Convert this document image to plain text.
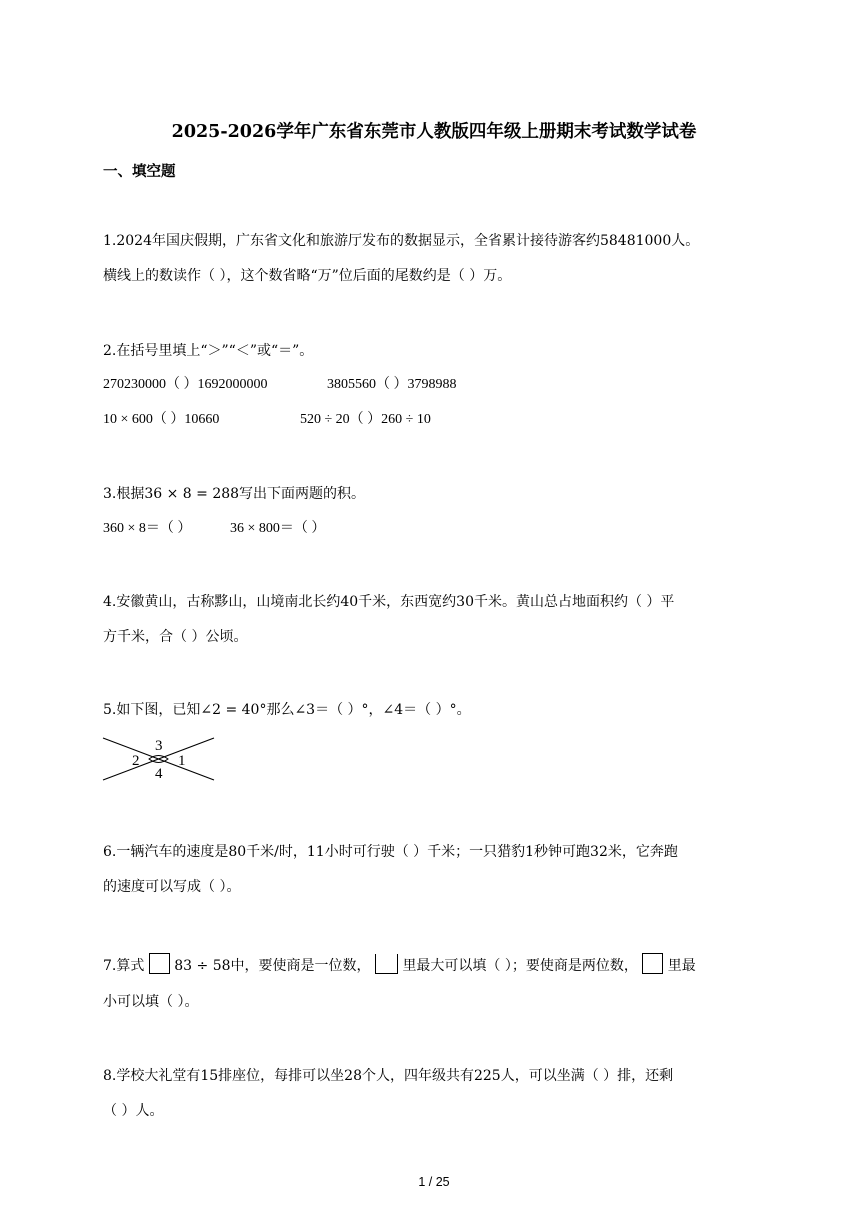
2025-2026学年广东省东莞市人教版四年级上册期末考试数学试卷
一、填空题
1.2024年国庆假期，广东省文化和旅游厅发布的数据显示，全省累计接待游客约58481000人。
横线上的数读作（ ），这个数省略“万”位后面的尾数约是（ ）万。
2.在括号里填上“＞”“＜”或“＝”。
270230000（ ）1692000000	3805560（ ）3798988
10 × 600（ ）10660	520 ÷ 20（ ）260 ÷ 10
3.根据36 × 8 = 288写出下面两题的积。
360 × 8＝（ ）	36 × 800＝（ ）
4.安徽黄山，古称黟山，山境南北长约40千米，东西宽约30千米。黄山总占地面积约（ ）平
方千米，合（ ）公顷。
5.如下图，已知∠2 = 40°那么∠3＝（ ）°，∠4＝（ ）°。
3
2	1
4
6.一辆汽车的速度是80千米/时，11小时可行驶（ ）千米；一只猎豹1秒钟可跑32米，它奔跑
的速度可以写成（ ）。
7.算式 83 ÷ 58中，要使商是一位数， 里最大可以填（ ）；要使商是两位数， 里最
小可以填（ ）。
8.学校大礼堂有15排座位，每排可以坐28个人，四年级共有225人，可以坐满（ ）排，还剩
（ ）人。
1 / 25
